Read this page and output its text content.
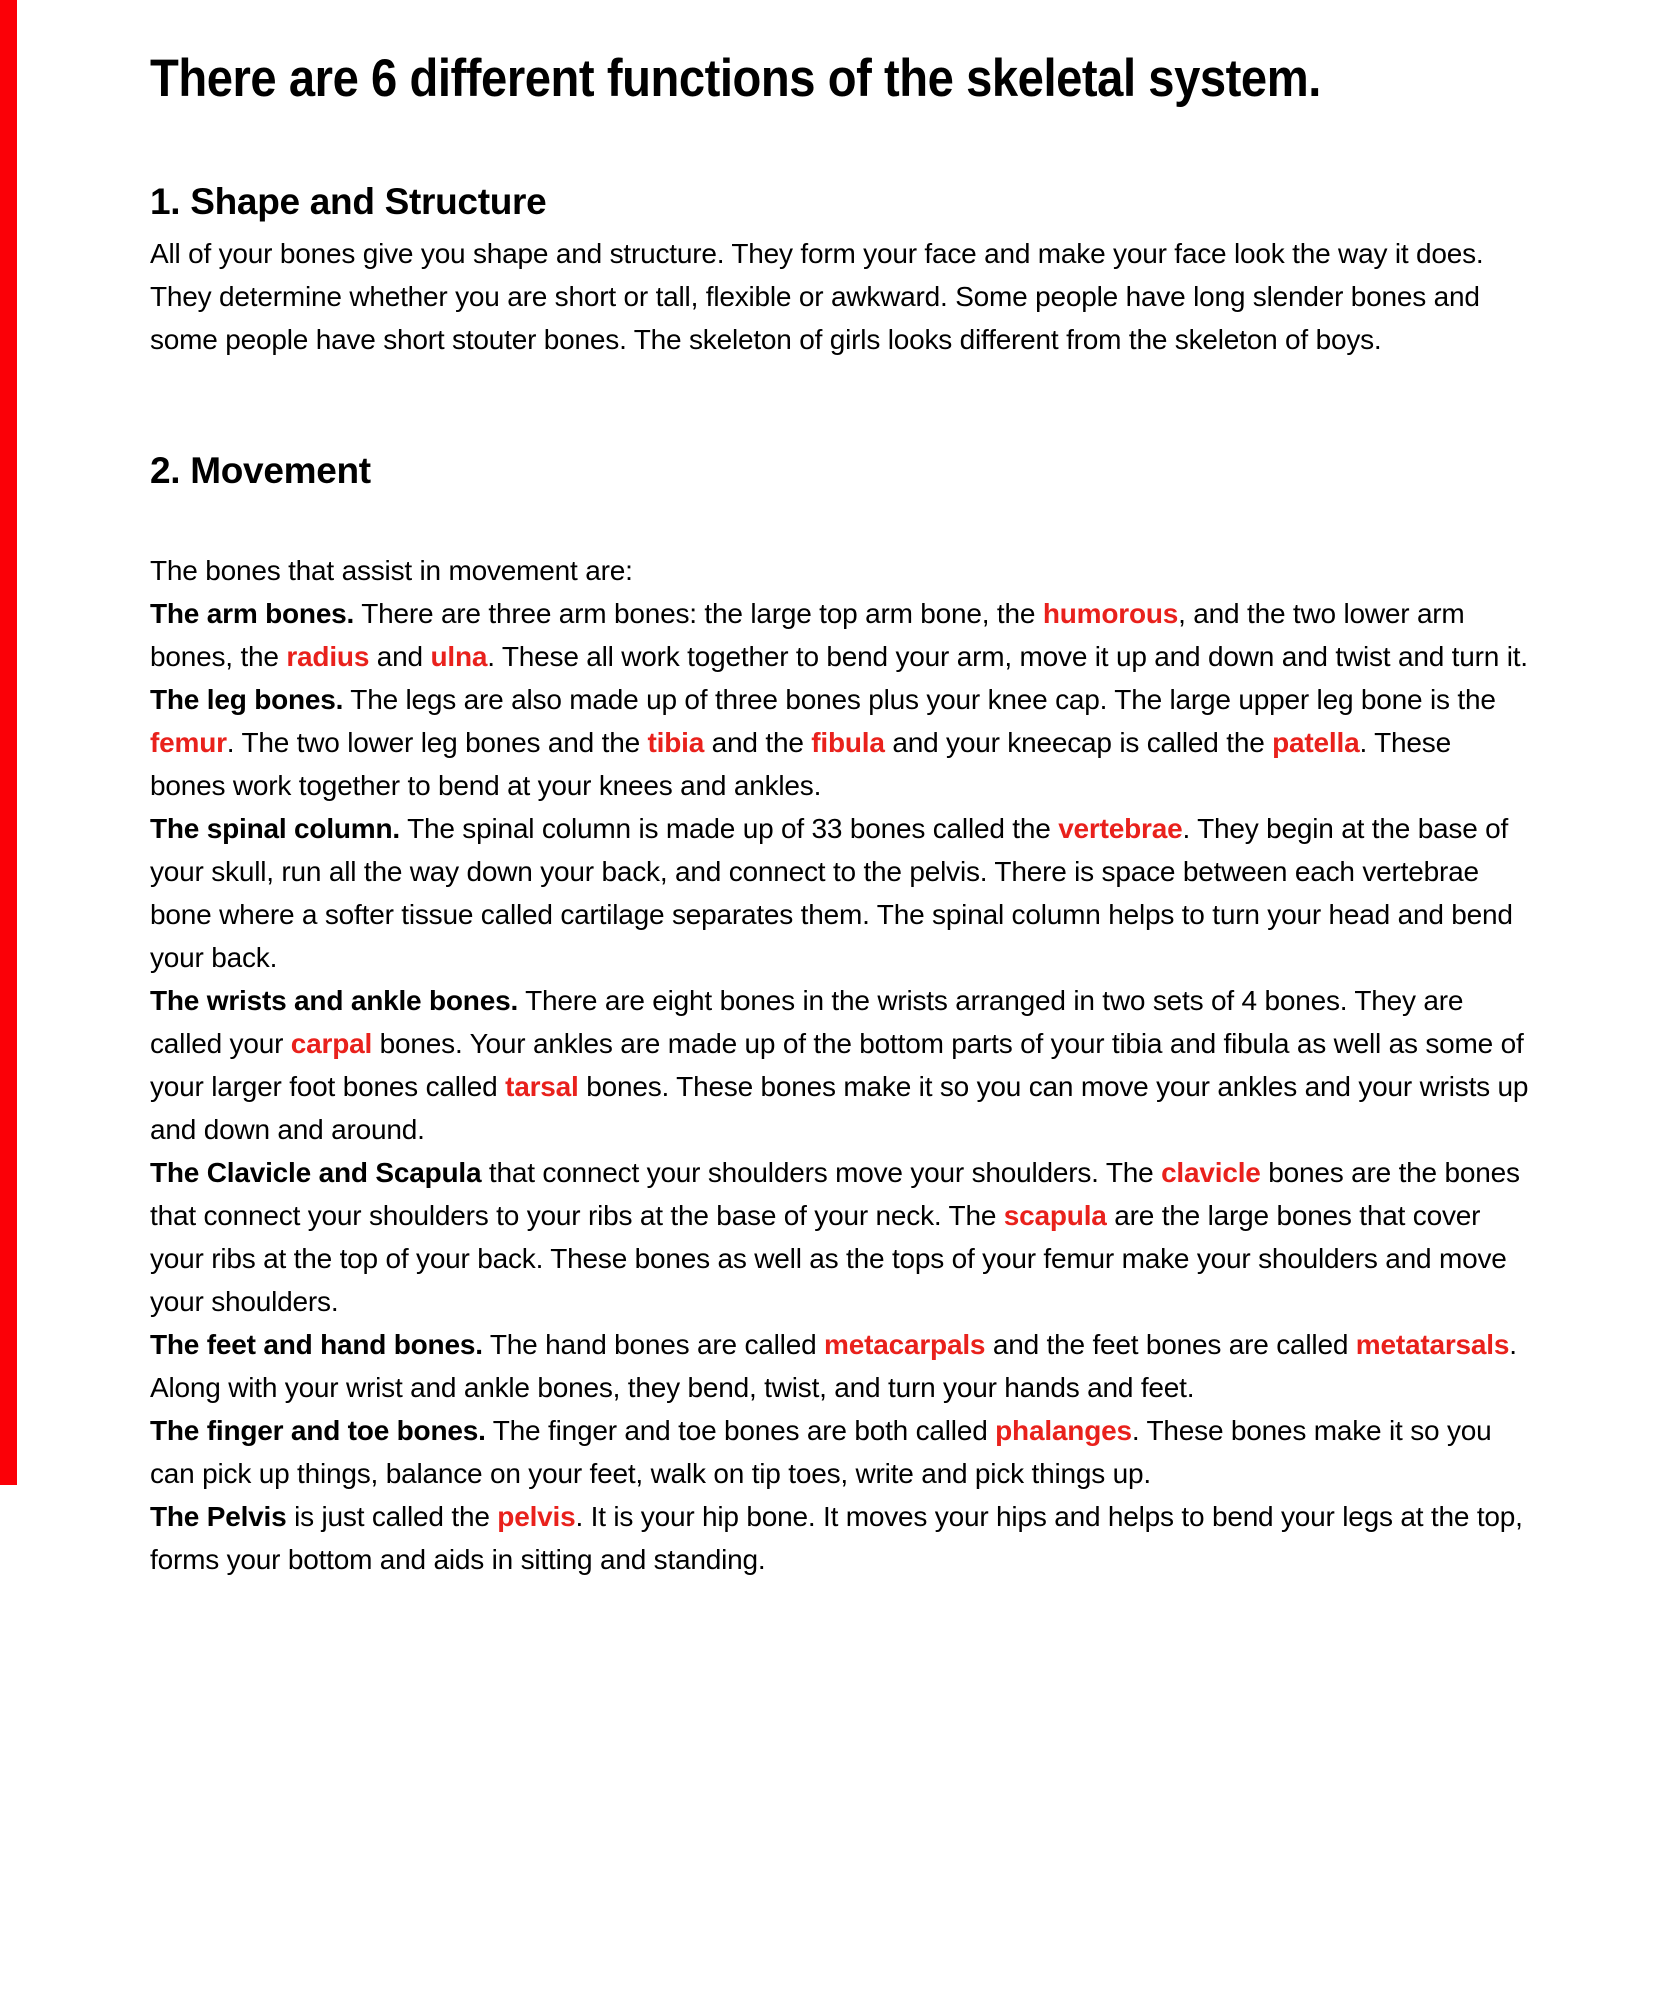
There are 6 different functions of the skeletal system.
1. Shape and Structure

All of your bones give you shape and structure. They form your face and make your face look the way it does. They determine whether you are short or tall, flexible or awkward. Some people have long slender bones and some people have short stouter bones. The skeleton of girls looks different from the skeleton of boys.

2. Movement

The bones that assist in movement are:

The arm bones. There are three arm bones: the large top arm bone, the humorous, and the two lower arm bones, the radius and ulna. These all work together to bend your arm, move it up and down and twist and turn it.

The leg bones. The legs are also made up of three bones plus your knee cap. The large upper leg bone is the femur. The two lower leg bones and the tibia and the fibula and your kneecap is called the patella. These bones work together to bend at your knees and ankles.

The spinal column. The spinal column is made up of 33 bones called the vertebrae. They begin at the base of your skull, run all the way down your back, and connect to the pelvis. There is space between each vertebrae bone where a softer tissue called cartilage separates them. The spinal column helps to turn your head and bend your back.

The wrists and ankle bones. There are eight bones in the wrists arranged in two sets of 4 bones. They are called your carpal bones. Your ankles are made up of the bottom parts of your tibia and fibula as well as some of your larger foot bones called tarsal bones. These bones make it so you can move your ankles and your wrists up and down and around.

The Clavicle and Scapula that connect your shoulders move your shoulders. The clavicle bones are the bones that connect your shoulders to your ribs at the base of your neck. The scapula are the large bones that cover your ribs at the top of your back. These bones as well as the tops of your femur make your shoulders and move your shoulders.

The feet and hand bones. The hand bones are called metacarpals and the feet bones are called metatarsals. Along with your wrist and ankle bones, they bend, twist, and turn your hands and feet.

The finger and toe bones. The finger and toe bones are both called phalanges. These bones make it so you can pick up things, balance on your feet, walk on tip toes, write and pick things up.

The Pelvis is just called the pelvis. It is your hip bone. It moves your hips and helps to bend your legs at the top, forms your bottom and aids in sitting and standing.
